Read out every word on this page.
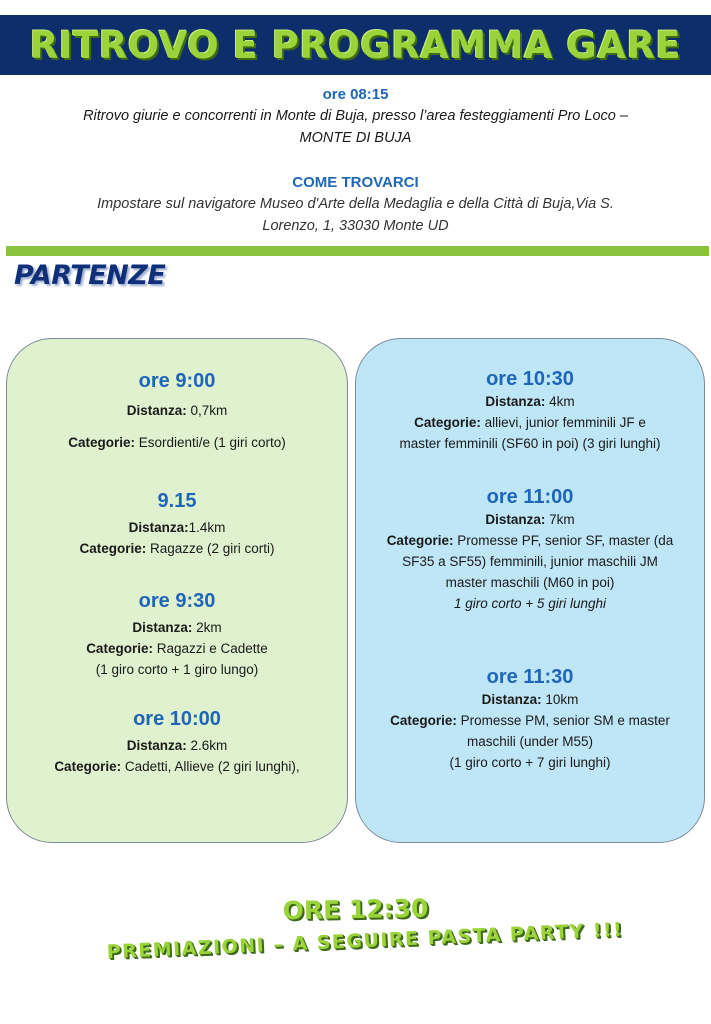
RITROVO E PROGRAMMA GARE
ore 08:15
Ritrovo giurie e concorrenti in Monte di Buja, presso l’area festeggiamenti Pro Loco –
MONTE DI BUJA
COME TROVARCI
Impostare sul navigatore Museo d'Arte della Medaglia e della Città di Buja,Via S.
Lorenzo, 1, 33030 Monte UD
PARTENZE
ore 9:00
Distanza: 0,7km
Categorie: Esordienti/e (1 giri corto)
9.15
Distanza:1.4km
Categorie: Ragazze (2 giri corti)
ore 9:30
Distanza: 2km
Categorie: Ragazzi e Cadette
(1 giro corto + 1 giro lungo)
ore 10:00
Distanza: 2.6km
Categorie: Cadetti, Allieve (2 giri lunghi),
ore 10:30
Distanza: 4km
Categorie: allievi, junior femminili JF e
master femminili (SF60 in poi) (3 giri lunghi)
ore 11:00
Distanza: 7km
Categorie: Promesse PF, senior SF, master (da
SF35 a SF55) femminili, junior maschili JM
master maschili (M60 in poi)
1 giro corto + 5 giri lunghi
ore 11:30
Distanza: 10km
Categorie: Promesse PM, senior SM e master
maschili (under M55)
(1 giro corto + 7 giri lunghi)
ORE 12:30
PREMIAZIONI – A SEGUIRE PASTA PARTY !!!
